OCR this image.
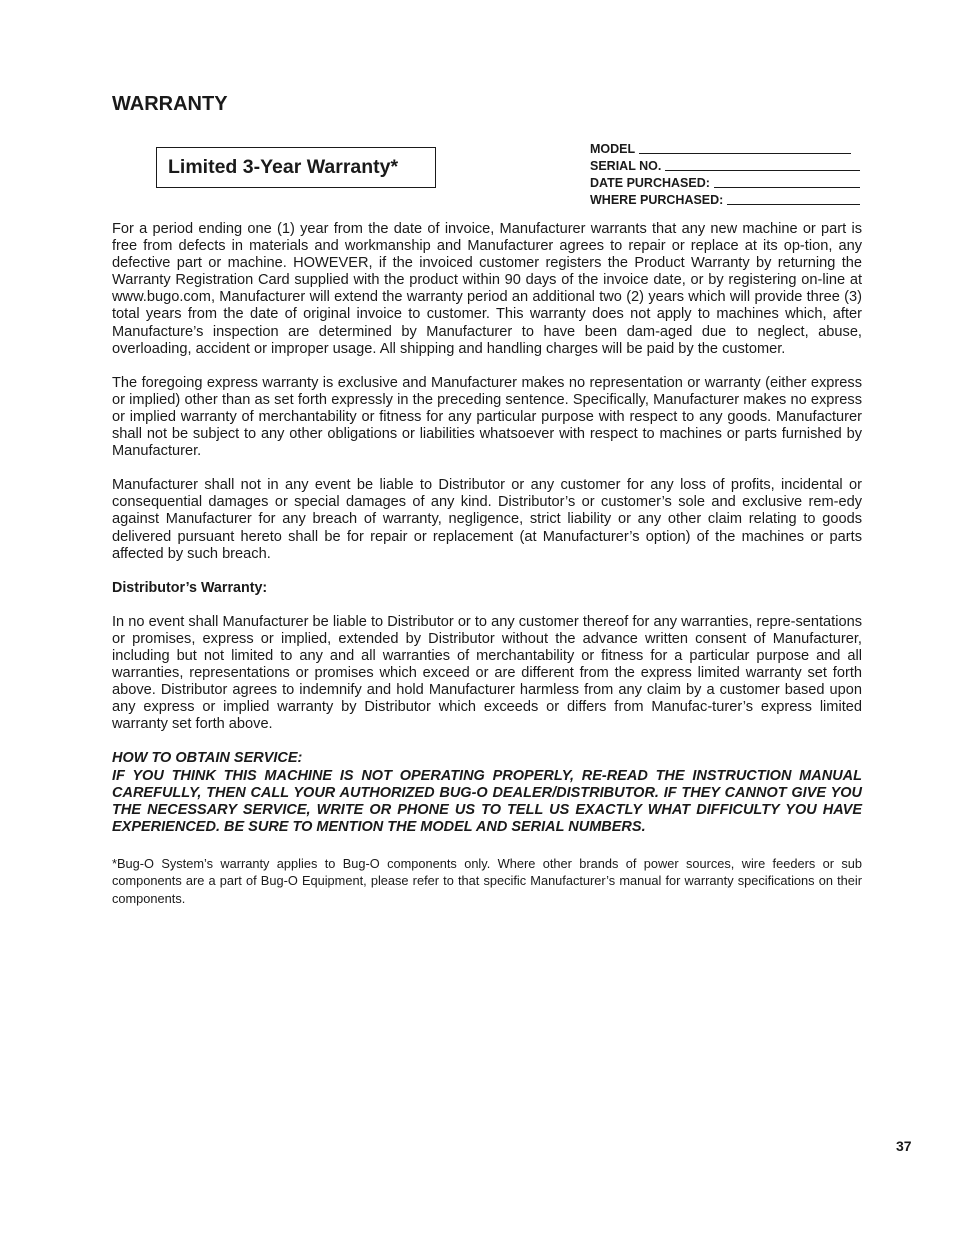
WARRANTY
Limited 3-Year Warranty*
MODEL
SERIAL NO.
DATE PURCHASED:
WHERE PURCHASED:

For a period ending one (1) year from the date of invoice, Manufacturer warrants that any new machine or part is free from defects in materials and workmanship and Manufacturer agrees to repair or replace at its op-tion, any defective part or machine. HOWEVER, if the invoiced customer registers the Product Warranty by returning the Warranty Registration Card supplied with the product within 90 days of the invoice date, or by registering on-line at www.bugo.com, Manufacturer will extend the warranty period an additional two (2) years which will provide three (3) total years from the date of original invoice to customer. This warranty does not apply to machines which, after Manufacture’s inspection are determined by Manufacturer to have been dam-aged due to neglect, abuse, overloading, accident or improper usage. All shipping and handling charges will be paid by the customer.

The foregoing express warranty is exclusive and Manufacturer makes no representation or warranty (either express or implied) other than as set forth expressly in the preceding sentence. Specifically, Manufacturer makes no express or implied warranty of merchantability or fitness for any particular purpose with respect to any goods. Manufacturer shall not be subject to any other obligations or liabilities whatsoever with respect to machines or parts furnished by Manufacturer.

Manufacturer shall not in any event be liable to Distributor or any customer for any loss of profits, incidental or consequential damages or special damages of any kind. Distributor’s or customer’s sole and exclusive rem-edy against Manufacturer for any breach of warranty, negligence, strict liability or any other claim relating to goods delivered pursuant hereto shall be for repair or replacement (at Manufacturer’s option) of the machines or parts affected by such breach.

Distributor’s Warranty:

In no event shall Manufacturer be liable to Distributor or to any customer thereof for any warranties, repre-sentations or promises, express or implied, extended by Distributor without the advance written consent of Manufacturer, including but not limited to any and all warranties of merchantability or fitness for a particular purpose and all warranties, representations or promises which exceed or are different from the express limited warranty set forth above. Distributor agrees to indemnify and hold Manufacturer harmless from any claim by a customer based upon any express or implied warranty by Distributor which exceeds or differs from Manufac-turer’s express limited warranty set forth above.

HOW TO OBTAIN SERVICE:
IF YOU THINK THIS MACHINE IS NOT OPERATING PROPERLY, RE-READ THE INSTRUCTION MANUAL CAREFULLY, THEN CALL YOUR AUTHORIZED BUG-O DEALER/DISTRIBUTOR. IF THEY CANNOT GIVE YOU THE NECESSARY SERVICE, WRITE OR PHONE US TO TELL US EXACTLY WHAT DIFFICULTY YOU HAVE EXPERIENCED. BE SURE TO MENTION THE MODEL AND SERIAL NUMBERS.

*Bug-O System’s warranty applies to Bug-O components only. Where other brands of power sources, wire feeders or sub components are a part of Bug-O Equipment, please refer to that specific Manufacturer’s manual for warranty specifications on their components.

37
